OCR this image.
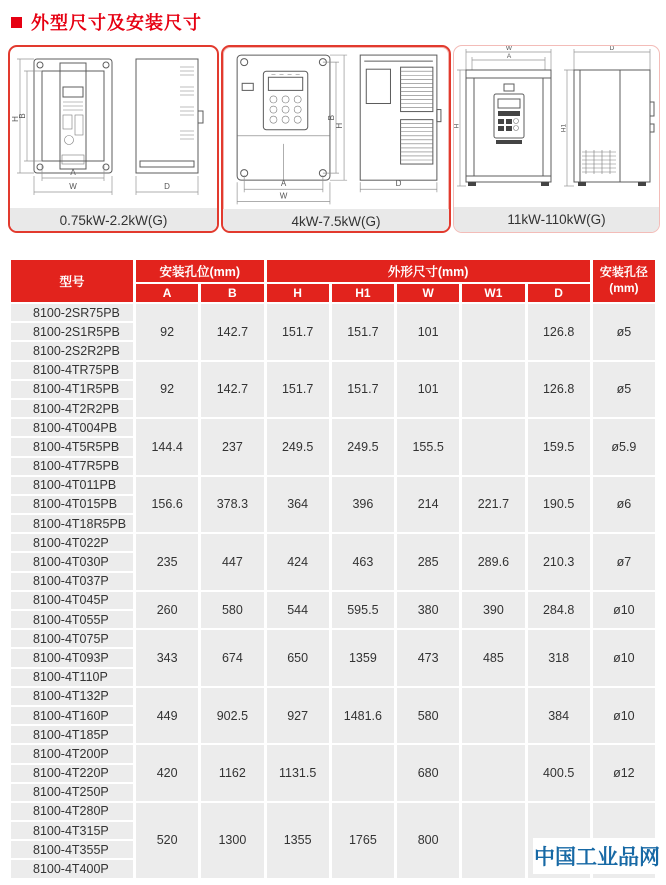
外型尺寸及安装尺寸
H
B
A
W	D
0.75kW-2.2kW(G)
B
H
A
W
D
4kW-7.5kW(G)
W
A
H
D
H1
11kW-110kW(G)
型号	安装孔位(mm)		外形尺寸(mm)					安装孔径
(mm)

	A	B	H	H1	W	W1	D	
8100-2SR75PB	92	142.7	151.7	151.7	101		126.8	ø5
8100-2S1R5PB								
8100-2S2R2PB								
8100-4TR75PB	92	142.7	151.7	151.7	101		126.8	ø5
8100-4T1R5PB								
8100-4T2R2PB								
8100-4T004PB	144.4	237	249.5	249.5	155.5		159.5	ø5.9
8100-4T5R5PB								
8100-4T7R5PB								
8100-4T011PB	156.6	378.3	364	396	214	221.7	190.5	ø6
8100-4T015PB								
8100-4T18R5PB								
8100-4T022P	235	447	424	463	285	289.6	210.3	ø7
8100-4T030P								
8100-4T037P								
8100-4T045P	260	580	544	595.5	380	390	284.8	ø10
8100-4T055P								
8100-4T075P	343	674	650	1359	473	485	318	ø10
8100-4T093P								
8100-4T110P								
8100-4T132P	449	902.5	927	1481.6	580		384	ø10
8100-4T160P								
8100-4T185P								
8100-4T200P	420	1162	1131.5		680		400.5	ø12
8100-4T220P								
8100-4T250P								
8100-4T280P	520	1300	1355	1765	800			
8100-4T315P								
8100-4T355P								
8100-4T400P								
中国工业品网
